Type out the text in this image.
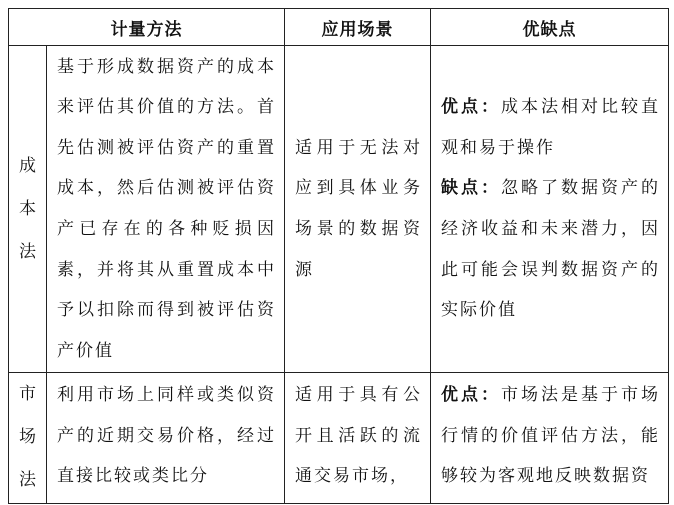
计量方法		应用场景	优缺点

成
本
法	基于形成数据资产的成本来评估其价值的方法。首先估测被评估资产的重置成本，然后估测被评估资产已存在的各种贬损因素，并将其从重置成本中予以扣除而得到被评估资产价值	适用于无法对应到具体业务场景的数据资源	优点：成本法相对比较直观和易于操作
缺点：忽略了数据资产的经济收益和未来潜力，因此可能会误判数据资产的实际价值

市
场
法	利用市场上同样或类似资产的近期交易价格，经过直接比较或类比分	适用于具有公开且活跃的流通交易市场，	优点：市场法是基于市场行情的价值评估方法，能够较为客观地反映数据资
